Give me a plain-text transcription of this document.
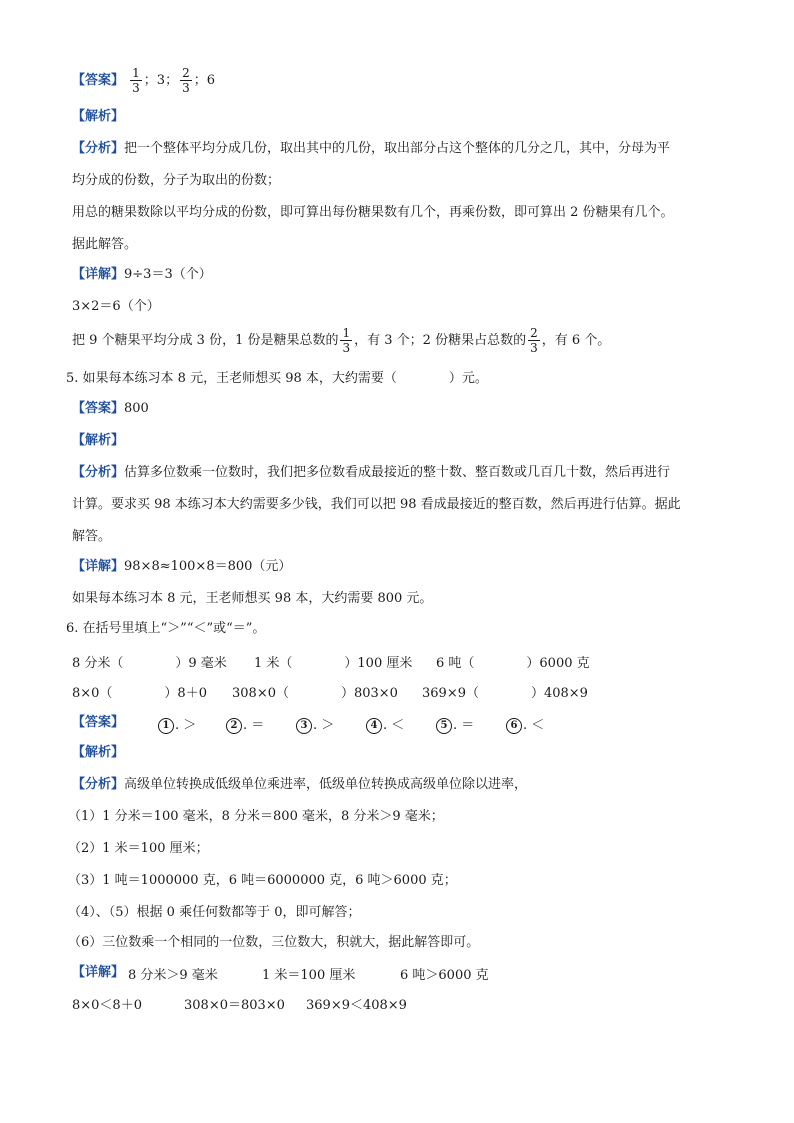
【答案】 $\frac{1}{3}$ ；3； $\frac{2}{3}$ ；6
【解析】
【分析】把一个整体平均分成几份，取出其中的几份，取出部分占这个整体的几分之几，其中，分母为平
均分成的份数，分子为取出的份数；
用总的糖果数除以平均分成的份数，即可算出每份糖果数有几个，再乘份数，即可算出 2 份糖果有几个。
据此解答。
【详解】9÷3＝3（个）
3×2＝6（个）
把 9 个糖果平均分成 3 份，1 份是糖果总数的 $\frac{1}{3}$ ，有 3 个；2 份糖果占总数的 $\frac{2}{3}$ ，有 6 个。
5. 如果每本练习本 8 元，王老师想买 98 本，大约需要（　　　　）元。
【答案】800
【解析】
【分析】估算多位数乘一位数时，我们把多位数看成最接近的整十数、整百数或几百几十数，然后再进行
计算。要求买 98 本练习本大约需要多少钱，我们可以把 98 看成最接近的整百数，然后再进行估算。据此
解答。
【详解】98×8≈100×8＝800（元）
如果每本练习本 8 元，王老师想买 98 本，大约需要 800 元。
6. 在括号里填上“＞”“＜”或“＝”。
8 分米（　　　　）9 毫米 1 米（　　　　）100 厘米 6 吨（　　　　）6000 克
8×0（　　　　）8＋0 308×0（　　　　）803×0 369×9（　　　　）408×9
【答案】	1 . ＞	2 . ＝	3 . ＞	4 . ＜	5 . ＝	6 . ＜
【解析】
【分析】高级单位转换成低级单位乘进率，低级单位转换成高级单位除以进率，
（1）1 分米＝100 毫米，8 分米＝800 毫米，8 分米＞9 毫米；
（2）1 米＝100 厘米；
（3）1 吨＝1000000 克，6 吨＝6000000 克，6 吨＞6000 克；
（4）、（5）根据 0 乘任何数都等于 0，即可解答；
（6）三位数乘一个相同的一位数，三位数大，积就大，据此解答即可。
【详解】 8 分米＞9 毫米	1 米＝100 厘米	6 吨＞6000 克
8×0＜8＋0	308×0＝803×0 369×9＜408×9
